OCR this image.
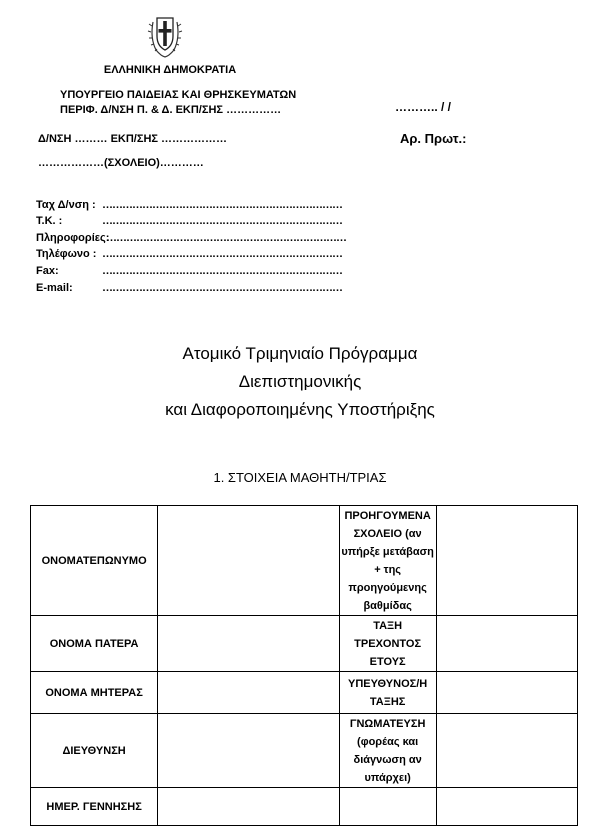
ΕΛΛΗΝΙΚΗ ΔΗΜΟΚΡΑΤΙΑ
ΥΠΟΥΡΓΕΙΟ ΠΑΙΔΕΙΑΣ ΚΑΙ ΘΡΗΣΚΕΥΜΑΤΩΝ
ΠΕΡΙΦ. Δ/ΝΣΗ Π. & Δ. ΕΚΠ/ΣΗΣ ……………
Δ/ΝΣΗ ……… ΕΚΠ/ΣΗΣ ………………
………………(ΣΧΟΛΕΙΟ)…………
……….. / /
Αρ. Πρωτ.:
Ταχ Δ/νση : ………………………………………………………………
Τ.Κ. :	………………………………………………………………
Πληροφορίες:………………………………………………………………
Τηλέφωνο : ………………………………………………………………
Fax:	………………………………………………………………
E-mail:	………………………………………………………………
Ατομικό Τριμηνιαίο Πρόγραμμα
Διεπιστημονικής
και Διαφοροποιημένης Υποστήριξης
1. ΣΤΟΙΧΕΙΑ ΜΑΘΗΤΗ/ΤΡΙΑΣ
ΟΝΟΜΑΤΕΠΩΝΥΜΟ		ΠΡΟΗΓΟΥΜΕΝΑ ΣΧΟΛΕΙΟ (αν υπήρξε μετάβαση + της προηγούμενης βαθμίδας	
ΟΝΟΜΑ ΠΑΤΕΡΑ		ΤΑΞΗ ΤΡΕΧΟΝΤΟΣ ΕΤΟΥΣ	
ΟΝΟΜΑ ΜΗΤΕΡΑΣ		ΥΠΕΥΘΥΝΟΣ/Η ΤΑΞΗΣ	
ΔΙΕΥΘΥΝΣΗ		ΓΝΩΜΑΤΕΥΣΗ (φορέας και διάγνωση αν υπάρχει)	
ΗΜΕΡ. ΓΕΝΝΗΣΗΣ			
